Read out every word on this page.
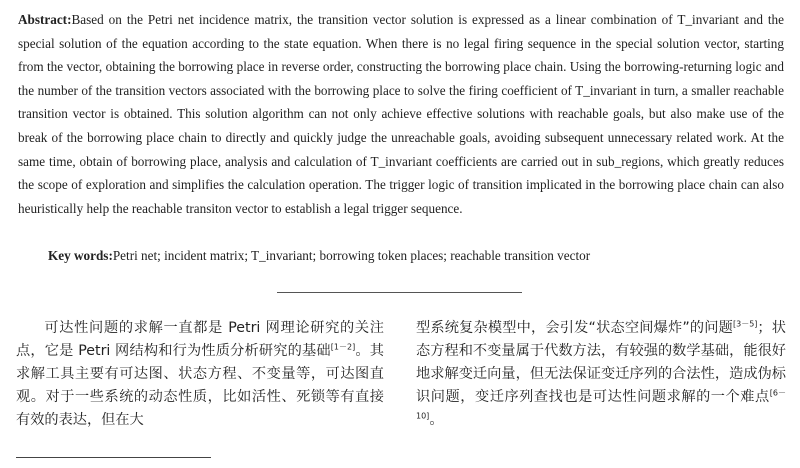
Abstract:Based on the Petri net incidence matrix, the transition vector solution is expressed as a linear combination of T_invariant and the special solution of the equation according to the state equation. When there is no legal firing sequence in the special solution vector, starting from the vector, obtaining the borrowing place in reverse order, constructing the borrowing place chain. Using the borrowing-returning logic and the number of the transition vectors associated with the borrowing place to solve the firing coefficient of T_invariant in turn, a smaller reachable transition vector is obtained. This solution algorithm can not only achieve effective solutions with reachable goals, but also make use of the break of the borrowing place chain to directly and quickly judge the unreachable goals, avoiding subsequent unnecessary related work. At the same time, obtain of borrowing place, analysis and calculation of T_invariant coefficients are carried out in sub_regions, which greatly reduces the scope of exploration and simplifies the calculation operation. The trigger logic of transition implicated in the borrowing place chain can also heuristically help the reachable transiton vector to establish a legal trigger sequence.
Key words:Petri net; incident matrix; T_invariant; borrowing token places; reachable transition vector

可达性问题的求解一直都是 Petri 网理论研究的关注点，它是 Petri 网结构和行为性质分析研究的基础[1－2]。其求解工具主要有可达图、状态方程、不变量等，可达图直观。对于一些系统的动态性质，比如活性、死锁等有直接有效的表达，但在大

型系统复杂模型中，会引发“状态空间爆炸”的问题[3－5]；状态方程和不变量属于代数方法，有较强的数学基础，能很好地求解变迁向量，但无法保证变迁序列的合法性，造成伪标识问题，变迁序列查找也是可达性问题求解的一个难点[6－10]。
